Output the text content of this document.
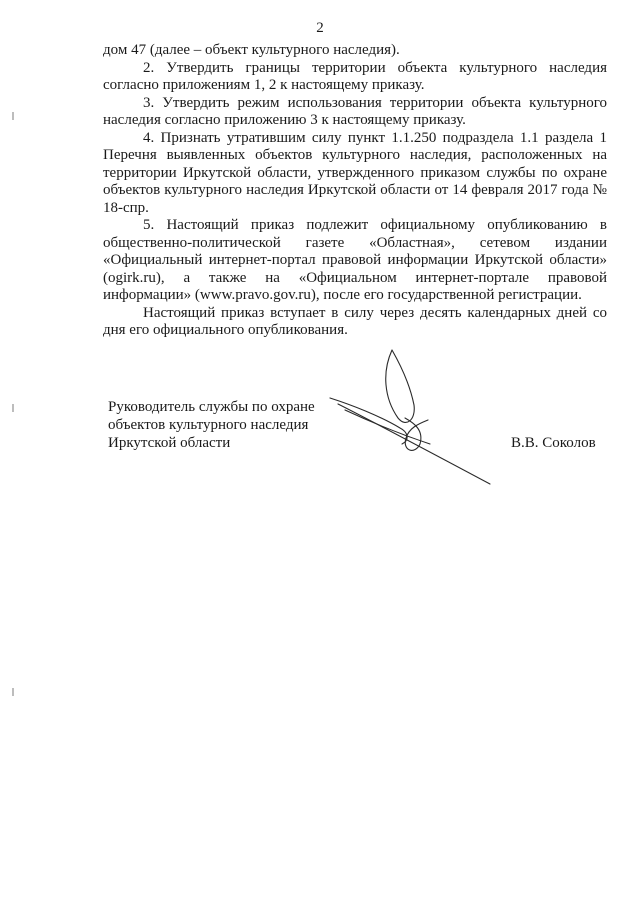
2

дом 47 (далее – объект культурного наследия).

2. Утвердить границы территории объекта культурного наследия согласно приложениям 1, 2 к настоящему приказу.

3. Утвердить режим использования территории объекта культурного наследия согласно приложению 3 к настоящему приказу.

4. Признать утратившим силу пункт 1.1.250 подраздела 1.1 раздела 1 Перечня выявленных объектов культурного наследия, расположенных на территории Иркутской области, утвержденного приказом службы по охране объектов культурного наследия Иркутской области от 14 февраля 2017 года № 18-спр.

5. Настоящий приказ подлежит официальному опубликованию в общественно-политической газете «Областная», сетевом издании «Официальный интернет-портал правовой информации Иркутской области» (ogirk.ru), а также на «Официальном интернет-портале правовой информации» (www.pravo.gov.ru), после его государственной регистрации.

Настоящий приказ вступает в силу через десять календарных дней со дня его официального опубликования.

Руководитель службы по охране
объектов культурного наследия
Иркутской области	В.В. Соколов
